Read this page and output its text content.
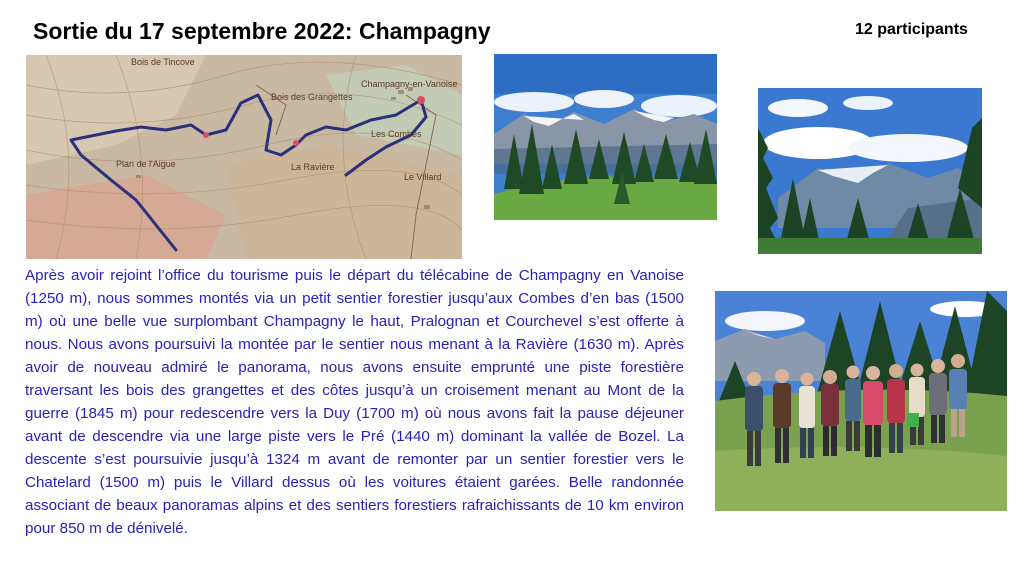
Sortie du 17 septembre 2022: Champagny	12 participants
Bois de Tincove
Champagny-en-Vanoise
Bois des Grangettes
La Ravière
Plan de l'Aigue
Le Villard
Les Combes

Après avoir rejoint l’office du tourisme puis le départ du télécabine de Champagny en Vanoise (1250 m), nous sommes montés via un petit sentier forestier jusqu’aux Combes d’en bas (1500 m) où une belle vue surplombant Champagny le haut, Pralognan et Courchevel s’est offerte à nous. Nous avons poursuivi la montée par le sentier nous menant à la Ravière (1630 m). Après avoir de nouveau admiré le panorama, nous avons ensuite emprunté une piste forestière traversant les bois des grangettes et des côtes jusqu’à un croisement menant au Mont de la guerre (1845 m) pour redescendre vers la Duy (1700 m) où nous avons fait la pause déjeuner avant de descendre via une large piste vers le Pré (1440 m) dominant la vallée de Bozel. La descente s’est poursuivie jusqu’à 1324 m avant de remonter par un sentier forestier vers le Chatelard (1500 m) puis le Villard dessus où les voitures étaient garées. Belle randonnée associant de beaux panoramas alpins et des sentiers forestiers rafraichissants de 10 km environ pour 850 m de dénivelé.
